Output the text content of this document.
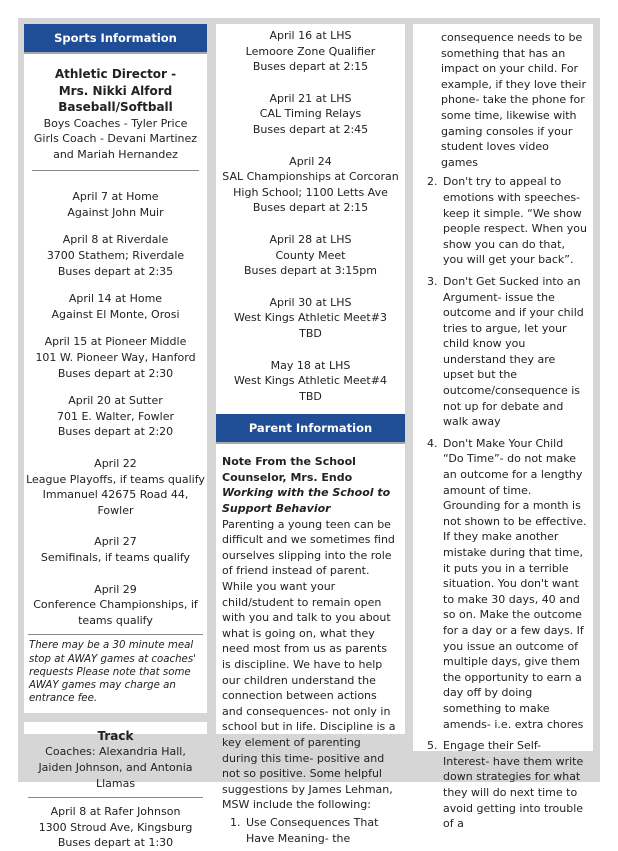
Sports Information
Athletic Director -
Mrs. Nikki Alford
Baseball/Softball
Boys Coaches - Tyler Price
Girls Coach - Devani Martinez and Mariah Hernandez
April 7 at Home
Against John Muir
April 8 at Riverdale
3700 Stathem; Riverdale
Buses depart at 2:35
April 14 at Home
Against El Monte, Orosi
April 15 at Pioneer Middle
101 W. Pioneer Way, Hanford
Buses depart at 2:30
April 20 at Sutter
701 E. Walter, Fowler
Buses depart at 2:20
April 22
League Playoffs, if teams qualify
Immanuel 42675 Road 44, Fowler
April 27
Semifinals, if teams qualify
April 29
Conference Championships, if teams qualify
There may be a 30 minute meal stop at AWAY games at coaches' requests Please note that some AWAY games may charge an entrance fee.
Track
Coaches: Alexandria Hall, Jaiden Johnson, and Antonia Llamas
April 8 at Rafer Johnson
1300 Stroud Ave, Kingsburg
Buses depart at 1:30
April 16 at LHS
Lemoore Zone Qualifier
Buses depart at 2:15
April 21 at LHS
CAL Timing Relays
Buses depart at 2:45
April 24
SAL Championships at Corcoran High School; 1100 Letts Ave
Buses depart at 2:15
April 28 at LHS
County Meet
Buses depart at 3:15pm
April 30 at LHS
West Kings Athletic Meet#3
TBD
May 18 at LHS
West Kings Athletic Meet#4
TBD
Parent Information
Note From the School Counselor, Mrs. Endo
Working with the School to Support Behavior
Parenting a young teen can be difficult and we sometimes find ourselves slipping into the role of friend instead of parent. While you want your child/student to remain open with you and talk to you about what is going on, what they need most from us as parents is discipline. We have to help our children understand the connection between actions and consequences- not only in school but in life. Discipline is a key element of parenting during this time- positive and not so positive. Some helpful suggestions by James Lehman, MSW include the following:
1. Use Consequences That Have Meaning- the
consequence needs to be something that has an impact on your child. For example, if they love their phone- take the phone for some time, likewise with gaming consoles if your student loves video games
2. Don't try to appeal to emotions with speeches- keep it simple. “We show people respect. When you show you can do that, you will get your back”.
3. Don't Get Sucked into an Argument- issue the outcome and if your child tries to argue, let your child know you understand they are upset but the outcome/consequence is not up for debate and walk away
4. Don't Make Your Child “Do Time”- do not make an outcome for a lengthy amount of time. Grounding for a month is not shown to be effective. If they make another mistake during that time, it puts you in a terrible situation. You don't want to make 30 days, 40 and so on. Make the outcome for a day or a few days. If you issue an outcome of multiple days, give them the opportunity to earn a day off by doing something to make amends- i.e. extra chores
5. Engage their Self-Interest- have them write down strategies for what they will do next time to avoid getting into trouble of a
